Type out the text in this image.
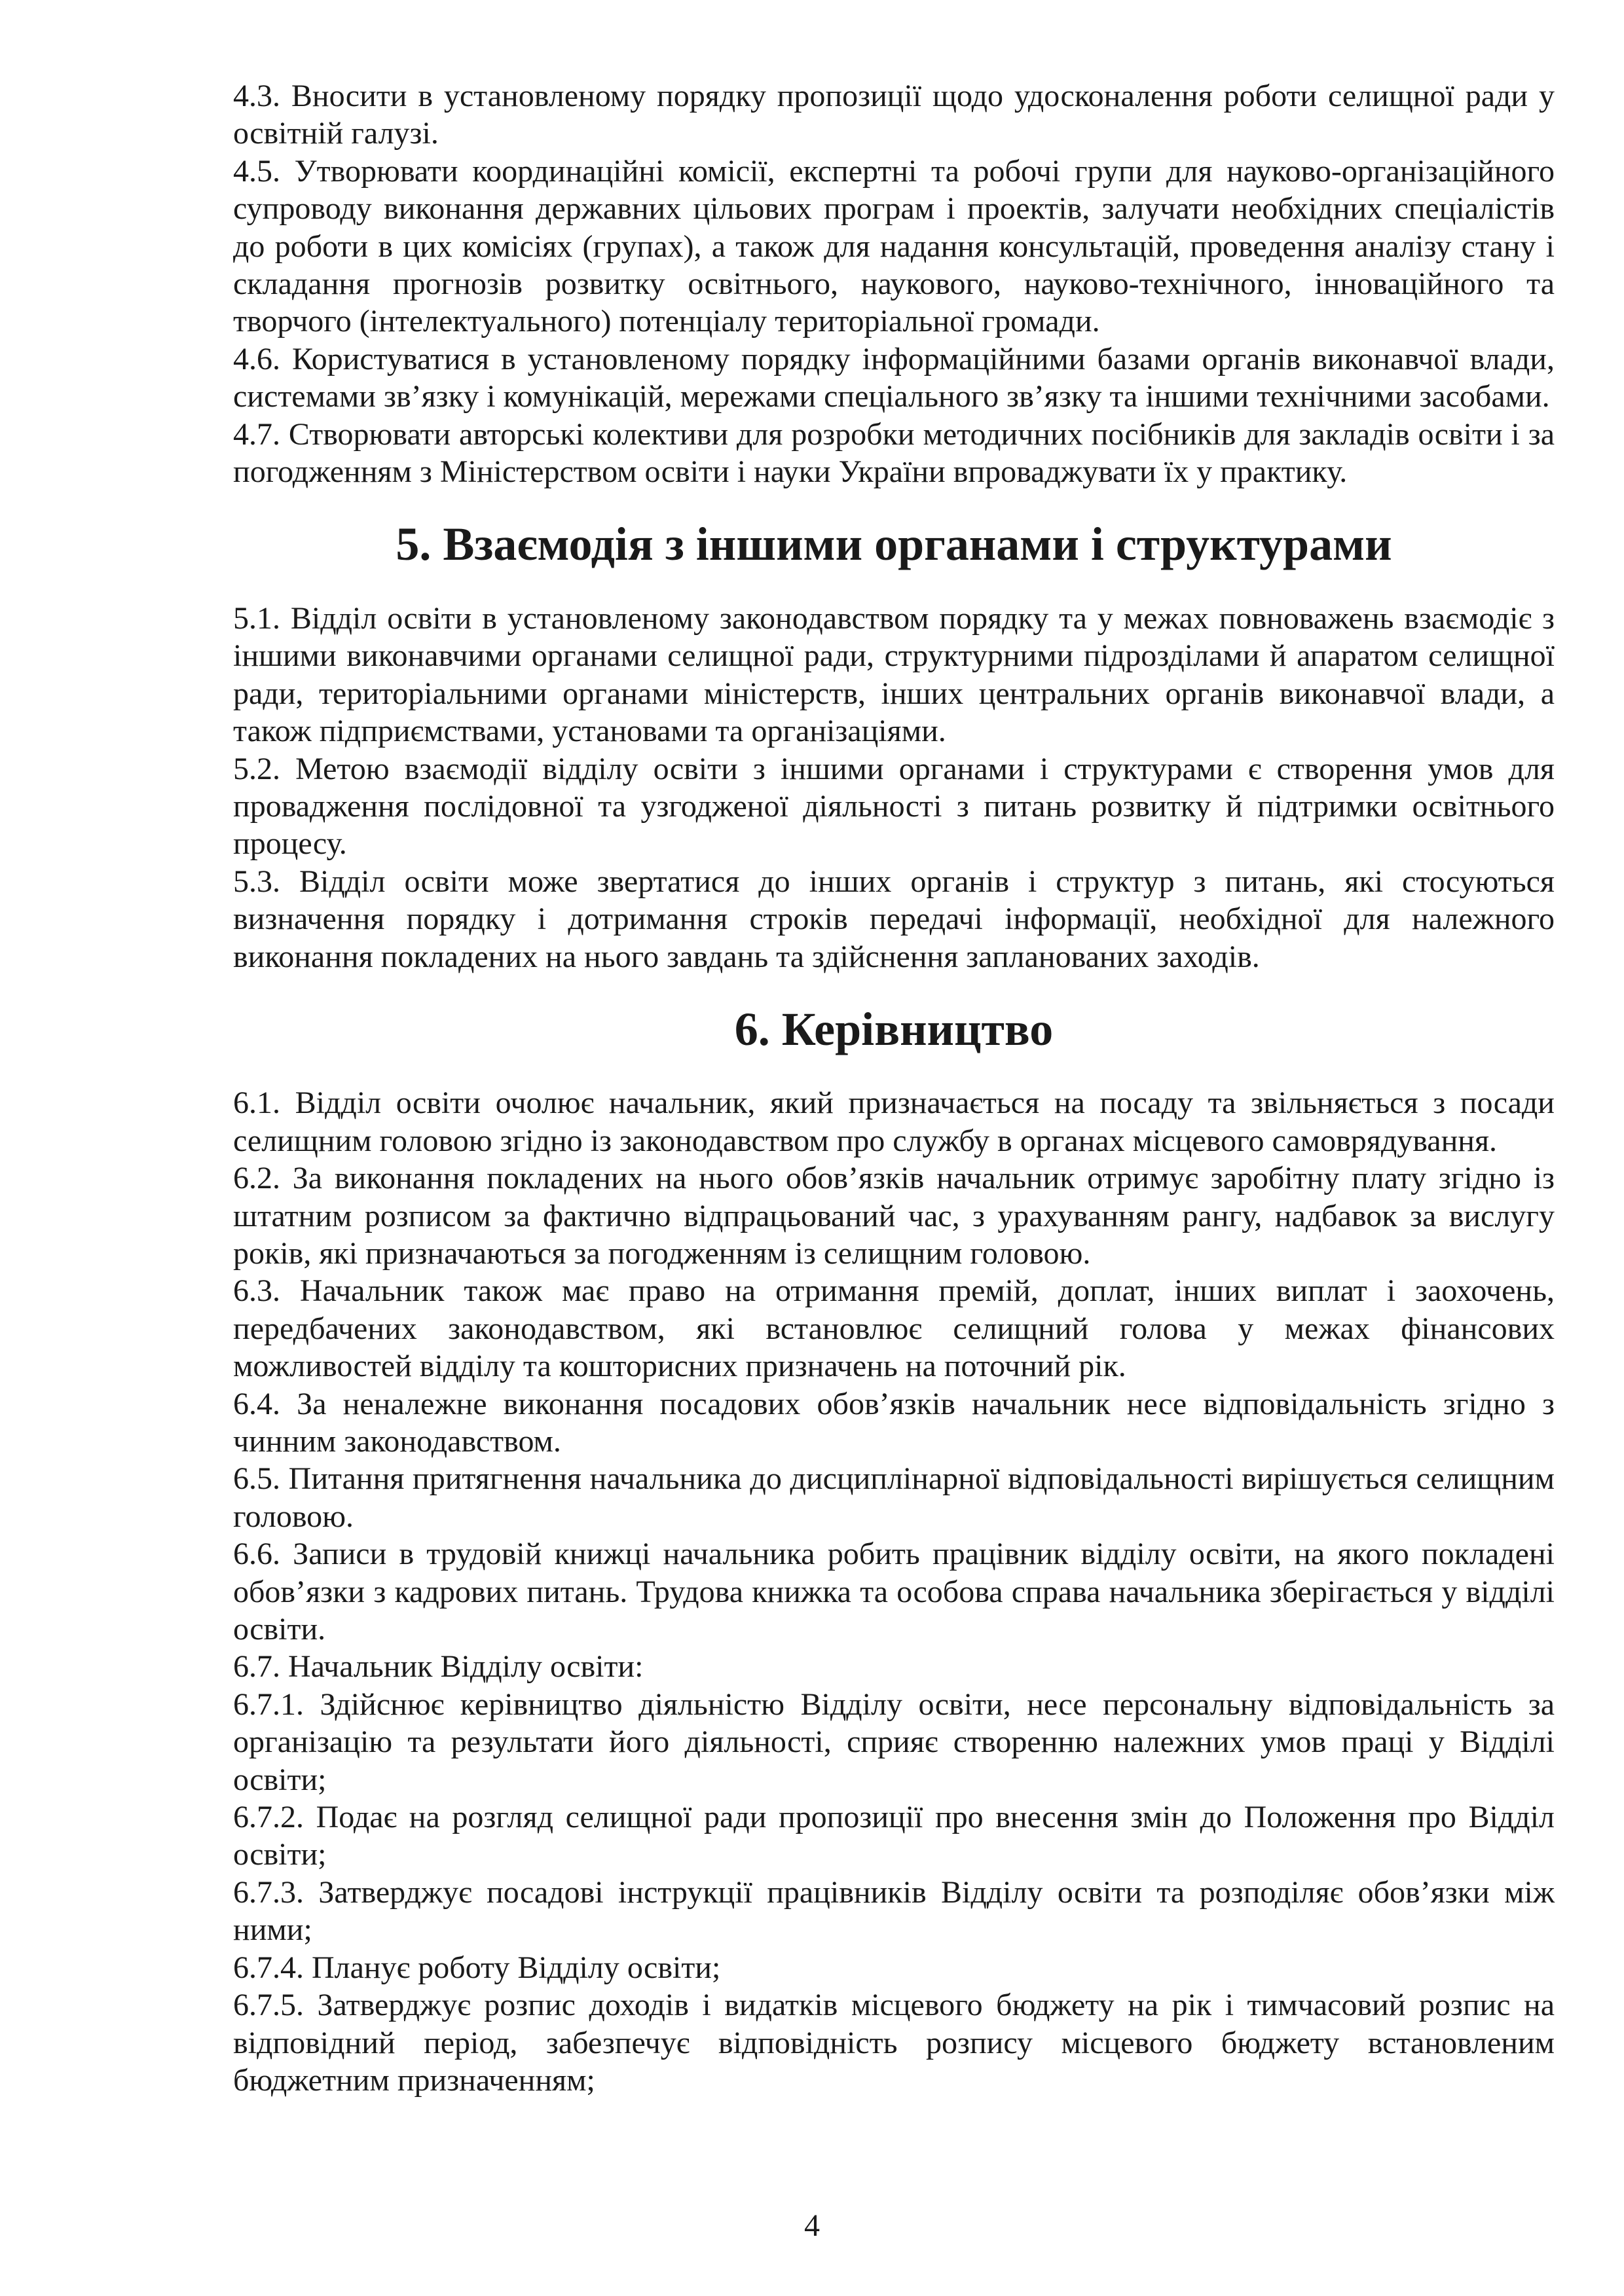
4.3. Вносити в установленому порядку пропозиції щодо удосконалення роботи селищної ради у освітній галузі.

4.5. Утворювати координаційні комісії, експертні та робочі групи для науково-організаційного супроводу виконання державних цільових програм і проектів, залучати необхідних спеціалістів до роботи в цих комісіях (групах), а також для надання консультацій, проведення аналізу стану і складання прогнозів розвитку освітнього, наукового, науково-технічного, інноваційного та творчого (інтелектуального) потенціалу територіальної громади.

4.6. Користуватися в установленому порядку інформаційними базами органів виконавчої влади, системами зв’язку і комунікацій, мережами спеціального зв’язку та іншими технічними засобами.

4.7. Створювати авторські колективи для розробки методичних посібників для закладів освіти і за погодженням з Міністерством освіти і науки України впроваджувати їх у практику.

5. Взаємодія з іншими органами і структурами

5.1. Відділ освіти в установленому законодавством порядку та у межах повноважень взаємодіє з іншими виконавчими органами селищної ради, структурними підрозділами й апаратом селищної ради, територіальними органами міністерств, інших центральних органів виконавчої влади, а також підприємствами, установами та організаціями.

5.2. Метою взаємодії відділу освіти з іншими органами і структурами є створення умов для провадження послідовної та узгодженої діяльності з питань розвитку й підтримки освітнього процесу.

5.3. Відділ освіти може звертатися до інших органів і структур з питань, які стосуються визначення порядку і дотримання строків передачі інформації, необхідної для належного виконання покладених на нього завдань та здійснення запланованих заходів.

6. Керівництво

6.1. Відділ освіти очолює начальник, який призначається на посаду та звільняється з посади селищним головою згідно із законодавством про службу в органах місцевого самоврядування.

6.2. За виконання покладених на нього обов’язків начальник отримує заробітну плату згідно із штатним розписом за фактично відпрацьований час, з урахуванням рангу, надбавок за вислугу років, які призначаються за погодженням із селищним головою.

6.3. Начальник також має право на отримання премій, доплат, інших виплат і заохочень, передбачених законодавством, які встановлює селищний голова у межах фінансових можливостей відділу та кошторисних призначень на поточний рік.

6.4. За неналежне виконання посадових обов’язків начальник несе відповідальність згідно з чинним законодавством.

6.5. Питання притягнення начальника до дисциплінарної відповідальності вирішується селищним головою.

6.6. Записи в трудовій книжці начальника робить працівник відділу освіти, на якого покладені обов’язки з кадрових питань. Трудова книжка та особова справа начальника зберігається у відділі освіти.

6.7. Начальник Відділу освіти:

6.7.1. Здійснює керівництво діяльністю Відділу освіти, несе персональну відповідальність за організацію та результати його діяльності, сприяє створенню належних умов праці у Відділі освіти;

6.7.2. Подає на розгляд селищної ради пропозиції про внесення змін до Положення про Відділ освіти;

6.7.3. Затверджує посадові інструкції працівників Відділу освіти та розподіляє обов’язки між ними;

6.7.4. Планує роботу Відділу освіти;

6.7.5. Затверджує розпис доходів і видатків місцевого бюджету на рік і тимчасовий розпис на відповідний період, забезпечує відповідність розпису місцевого бюджету встановленим бюджетним призначенням;

4
